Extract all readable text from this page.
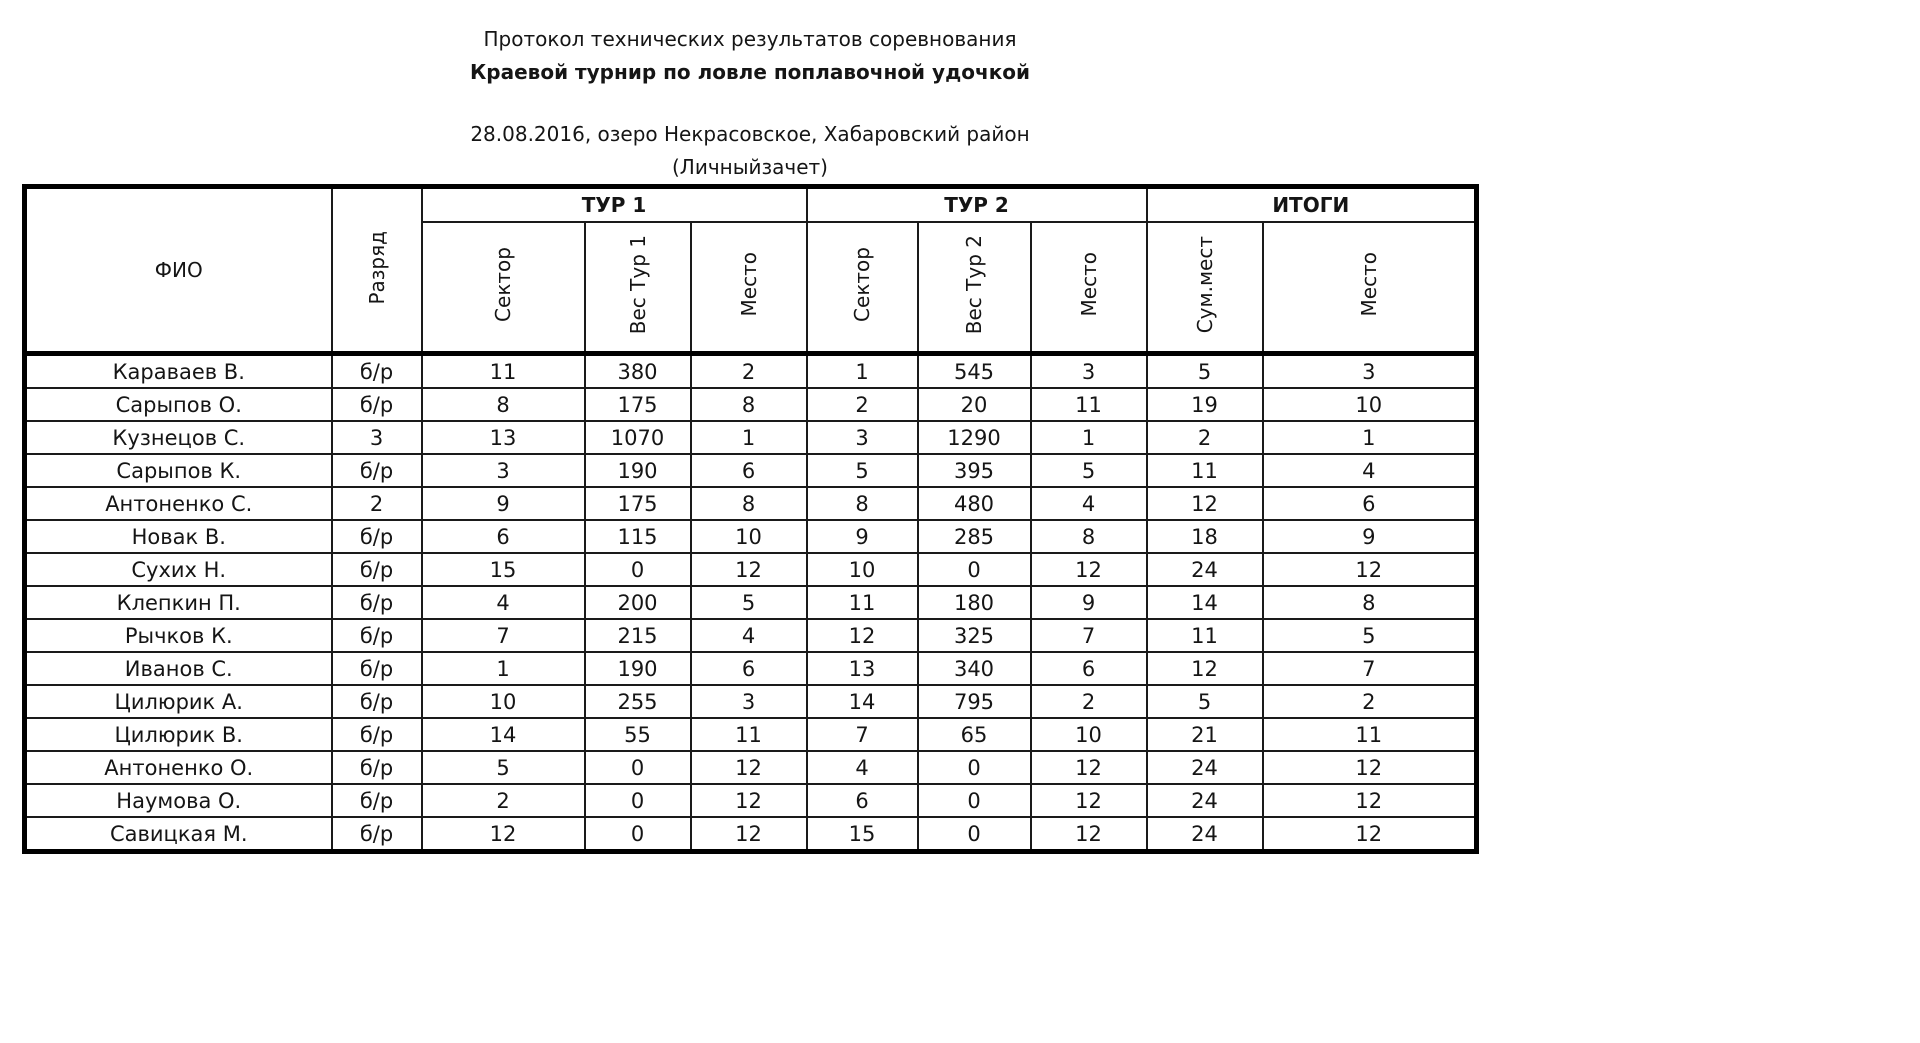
Протокол технических результатов соревнования
Краевой турнир по ловле поплавочной удочкой
28.08.2016, озеро Некрасовское, Хабаровский район
(Личныйзачет)
ФИО	Разряд	ТУР 1			ТУР 2			ИТОГИ	
		Сектор	Вес Тур 1	Место	Сектор	Вес Тур 2	Место	Сум.мест	Место
Караваев В.	б/р	11	380	2	1	545	3	5	3
Сарыпов О.	б/р	8	175	8	2	20	11	19	10
Кузнецов С.	3	13	1070	1	3	1290	1	2	1
Сарыпов К.	б/р	3	190	6	5	395	5	11	4
Антоненко С.	2	9	175	8	8	480	4	12	6
Новак В.	б/р	6	115	10	9	285	8	18	9
Сухих Н.	б/р	15	0	12	10	0	12	24	12
Клепкин П.	б/р	4	200	5	11	180	9	14	8
Рычков К.	б/р	7	215	4	12	325	7	11	5
Иванов С.	б/р	1	190	6	13	340	6	12	7
Цилюрик А.	б/р	10	255	3	14	795	2	5	2
Цилюрик В.	б/р	14	55	11	7	65	10	21	11
Антоненко О.	б/р	5	0	12	4	0	12	24	12
Наумова О.	б/р	2	0	12	6	0	12	24	12
Савицкая М.	б/р	12	0	12	15	0	12	24	12
